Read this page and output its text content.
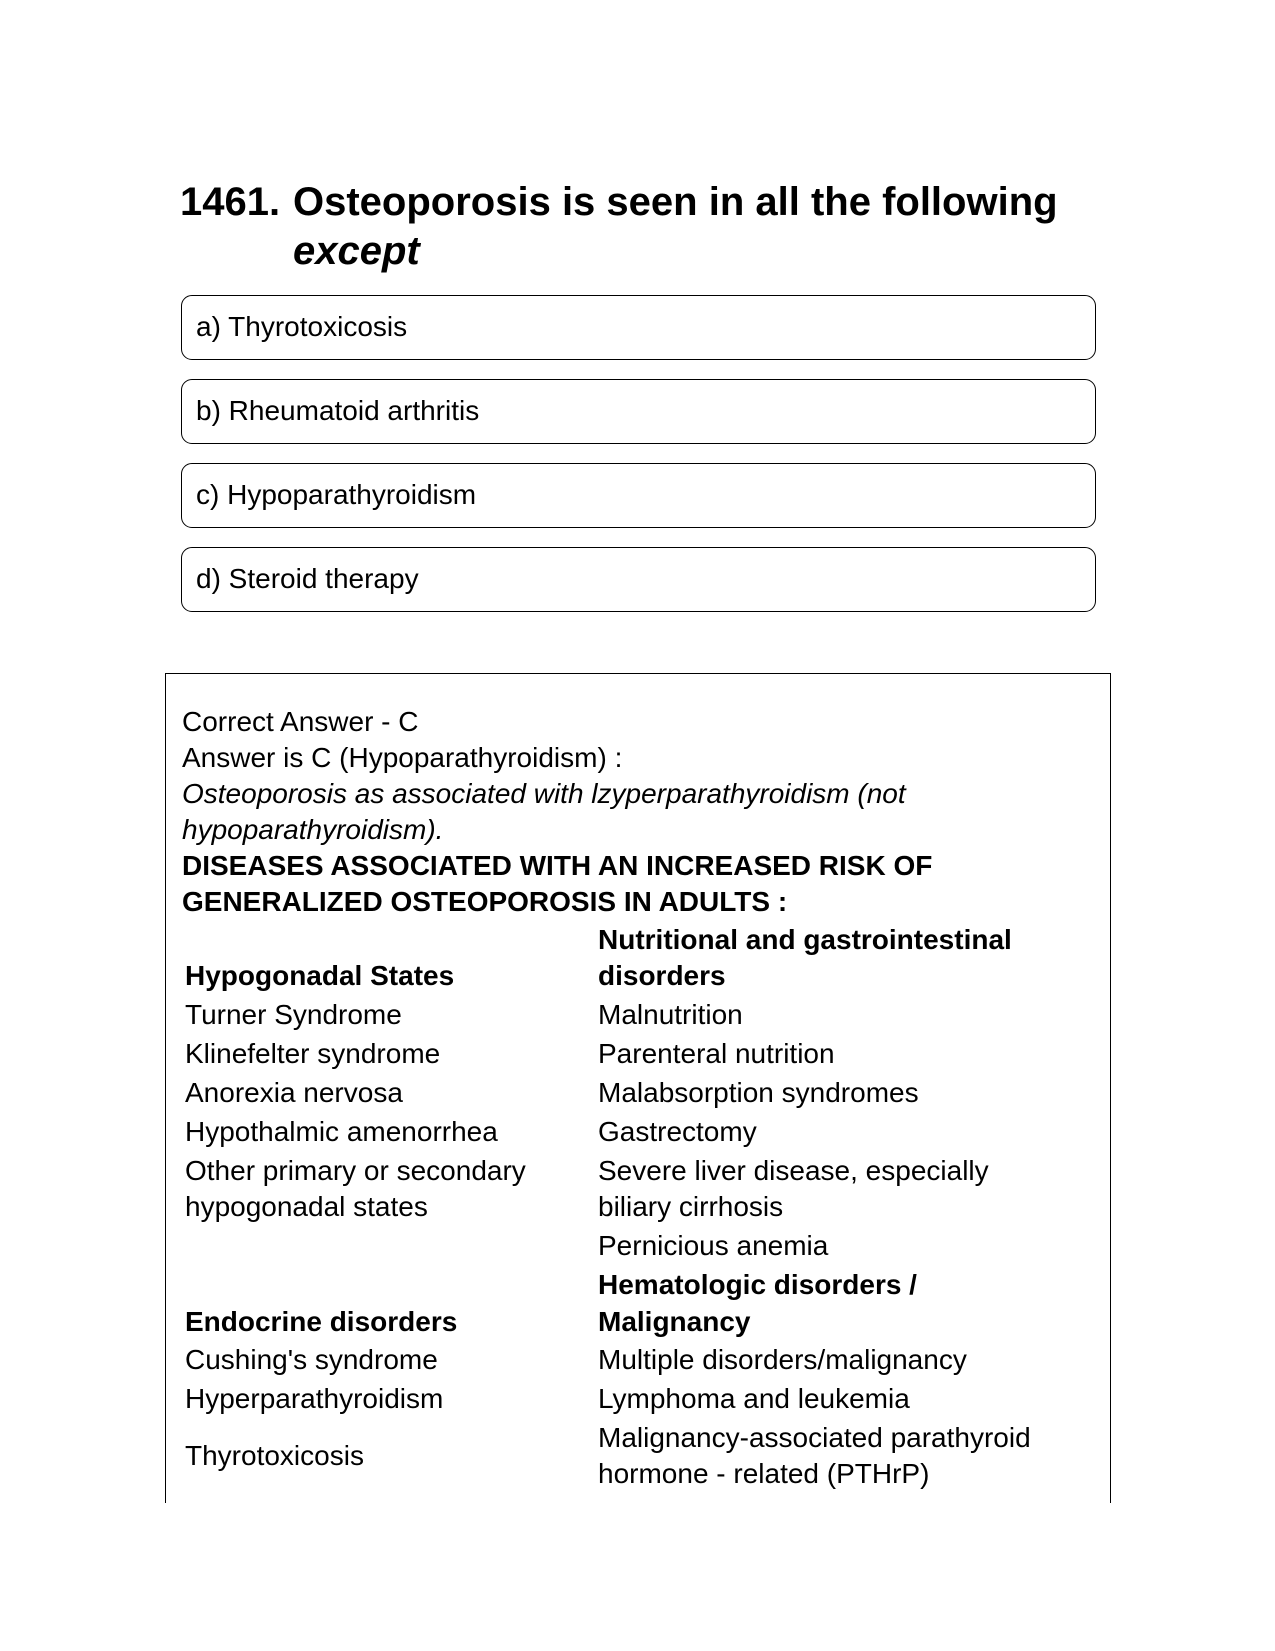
1461. Osteoporosis is seen in all the following
except
a) Thyrotoxicosis
b) Rheumatoid arthritis
c) Hypoparathyroidism
d) Steroid therapy
Correct Answer - C
Answer is C (Hypoparathyroidism) :
Osteoporosis as associated with lzyperparathyroidism (not
hypoparathyroidism).
DISEASES ASSOCIATED WITH AN INCREASED RISK OF
GENERALIZED OSTEOPOROSIS IN ADULTS :
Hypogonadal States
Turner Syndrome
Klinefelter syndrome
Anorexia nervosa
Hypothalmic amenorrhea
Other primary or secondary
hypogonadal states
Endocrine disorders
Cushing's syndrome
Hyperparathyroidism
Thyrotoxicosis
Nutritional and gastrointestinal
disorders
Malnutrition
Parenteral nutrition
Malabsorption syndromes
Gastrectomy
Severe liver disease, especially
biliary cirrhosis
Pernicious anemia
Hematologic disorders /
Malignancy
Multiple disorders/malignancy
Lymphoma and leukemia
Malignancy-associated parathyroid
hormone - related (PTHrP)
